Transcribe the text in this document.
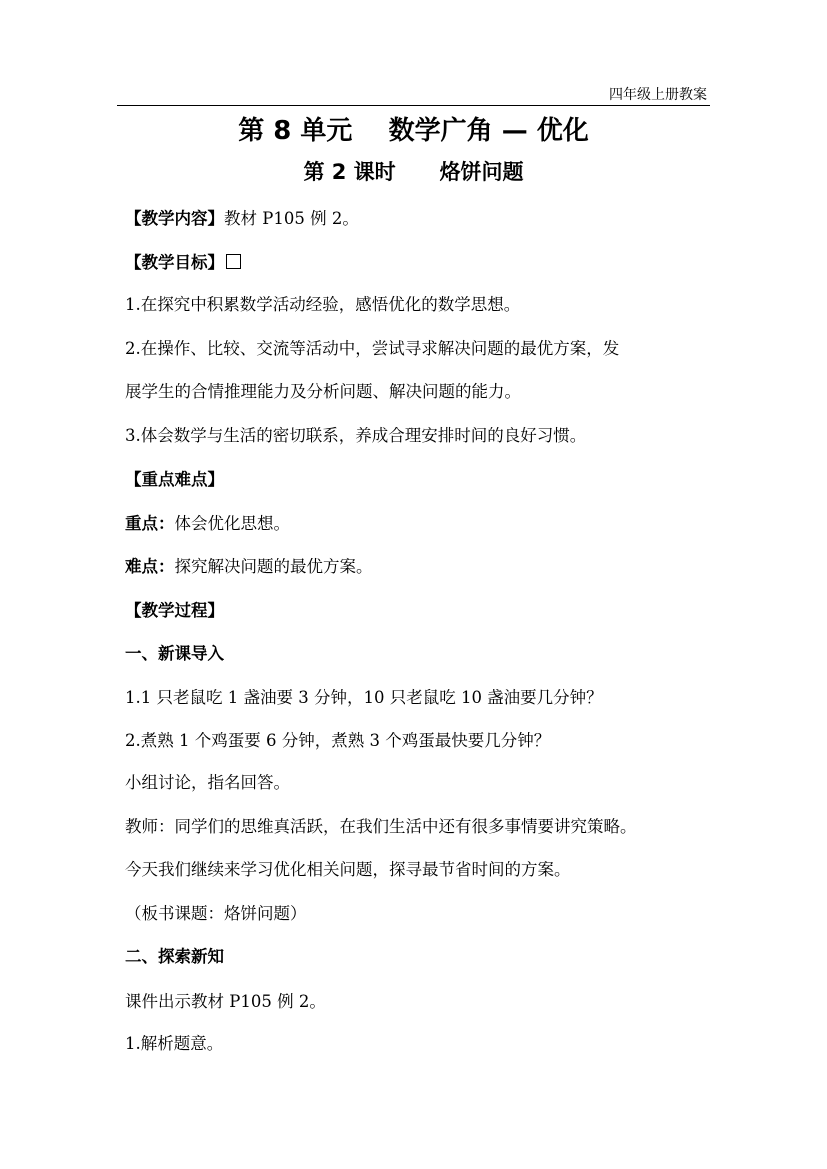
四年级上册教案
第 8 单元    数学广角 — 优化
第 2 课时      烙饼问题
【教学内容】教材 P105 例 2。
【教学目标】
1.在探究中积累数学活动经验，感悟优化的数学思想。
2.在操作、比较、交流等活动中，尝试寻求解决问题的最优方案，发
展学生的合情推理能力及分析问题、解决问题的能力。
3.体会数学与生活的密切联系，养成合理安排时间的良好习惯。
【重点难点】
重点：体会优化思想。
难点：探究解决问题的最优方案。
【教学过程】
一、新课导入
1.1 只老鼠吃 1 盏油要 3 分钟，10 只老鼠吃 10 盏油要几分钟？
2.煮熟 1 个鸡蛋要 6 分钟，煮熟 3 个鸡蛋最快要几分钟？
小组讨论，指名回答。
教师：同学们的思维真活跃，在我们生活中还有很多事情要讲究策略。
今天我们继续来学习优化相关问题，探寻最节省时间的方案。
（板书课题：烙饼问题）
二、探索新知
课件出示教材 P105 例 2。
1.解析题意。
